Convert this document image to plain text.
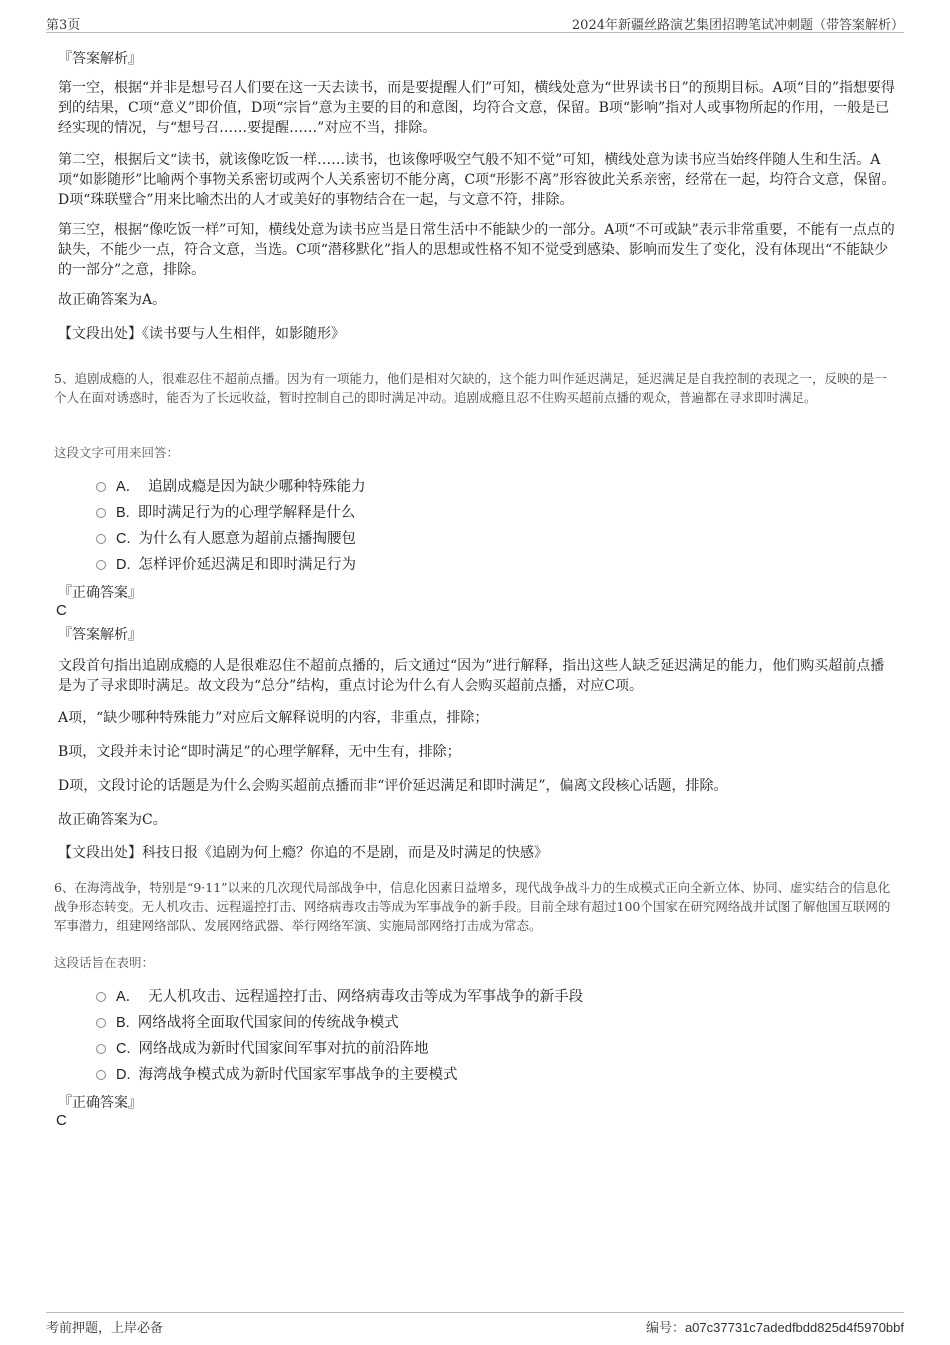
第3页	2024年新疆丝路演艺集团招聘笔试冲刺题（带答案解析）
『答案解析』

第一空，根据“并非是想号召人们要在这一天去读书，而是要提醒人们”可知，横线处意为“世界读书日”的预期目标。A项“目的”指想要得到的结果，C项“意义”即价值，D项“宗旨”意为主要的目的和意图，均符合文意，保留。B项“影响”指对人或事物所起的作用，一般是已经实现的情况，与“想号召……要提醒……”对应不当，排除。

第二空，根据后文“读书，就该像吃饭一样……读书，也该像呼吸空气般不知不觉”可知，横线处意为读书应当始终伴随人生和生活。A项“如影随形”比喻两个事物关系密切或两个人关系密切不能分离，C项“形影不离”形容彼此关系亲密，经常在一起，均符合文意，保留。D项“珠联璧合”用来比喻杰出的人才或美好的事物结合在一起，与文意不符，排除。

第三空，根据“像吃饭一样”可知，横线处意为读书应当是日常生活中不能缺少的一部分。A项“不可或缺”表示非常重要，不能有一点点的缺失，不能少一点，符合文意，当选。C项“潜移默化”指人的思想或性格不知不觉受到感染、影响而发生了变化，没有体现出“不能缺少的一部分”之意，排除。

故正确答案为A。
【文段出处】《读书要与人生相伴，如影随形》
5、追剧成瘾的人，很难忍住不超前点播。因为有一项能力，他们是相对欠缺的，这个能力叫作延迟满足，延迟满足是自我控制的表现之一，反映的是一个人在面对诱惑时，能否为了长远收益，暂时控制自己的即时满足冲动。追剧成瘾且忍不住购买超前点播的观众，普遍都在寻求即时满足。
这段文字可用来回答：
A． 追剧成瘾是因为缺少哪种特殊能力
B. 即时满足行为的心理学解释是什么
C. 为什么有人愿意为超前点播掏腰包
D. 怎样评价延迟满足和即时满足行为
『正确答案』
C
『答案解析』

文段首句指出追剧成瘾的人是很难忍住不超前点播的，后文通过“因为”进行解释，指出这些人缺乏延迟满足的能力，他们购买超前点播是为了寻求即时满足。故文段为“总分”结构，重点讨论为什么有人会购买超前点播，对应C项。

A项，“缺少哪种特殊能力”对应后文解释说明的内容，非重点，排除；
B项，文段并未讨论“即时满足”的心理学解释，无中生有，排除；
D项，文段讨论的话题是为什么会购买超前点播而非“评价延迟满足和即时满足”，偏离文段核心话题，排除。
故正确答案为C。
【文段出处】科技日报《追剧为何上瘾？你追的不是剧，而是及时满足的快感》
6、在海湾战争，特别是“9·11”以来的几次现代局部战争中，信息化因素日益增多，现代战争战斗力的生成模式正向全新立体、协同、虚实结合的信息化战争形态转变。无人机攻击、远程遥控打击、网络病毒攻击等成为军事战争的新手段。目前全球有超过100个国家在研究网络战并试图了解他国互联网的军事潜力，组建网络部队、发展网络武器、举行网络军演、实施局部网络打击成为常态。
这段话旨在表明：
A． 无人机攻击、远程遥控打击、网络病毒攻击等成为军事战争的新手段
B. 网络战将全面取代国家间的传统战争模式
C. 网络战成为新时代国家间军事对抗的前沿阵地
D. 海湾战争模式成为新时代国家军事战争的主要模式
『正确答案』
C
考前押题，上岸必备	编号：a07c37731c7adedfbdd825d4f5970bbf
